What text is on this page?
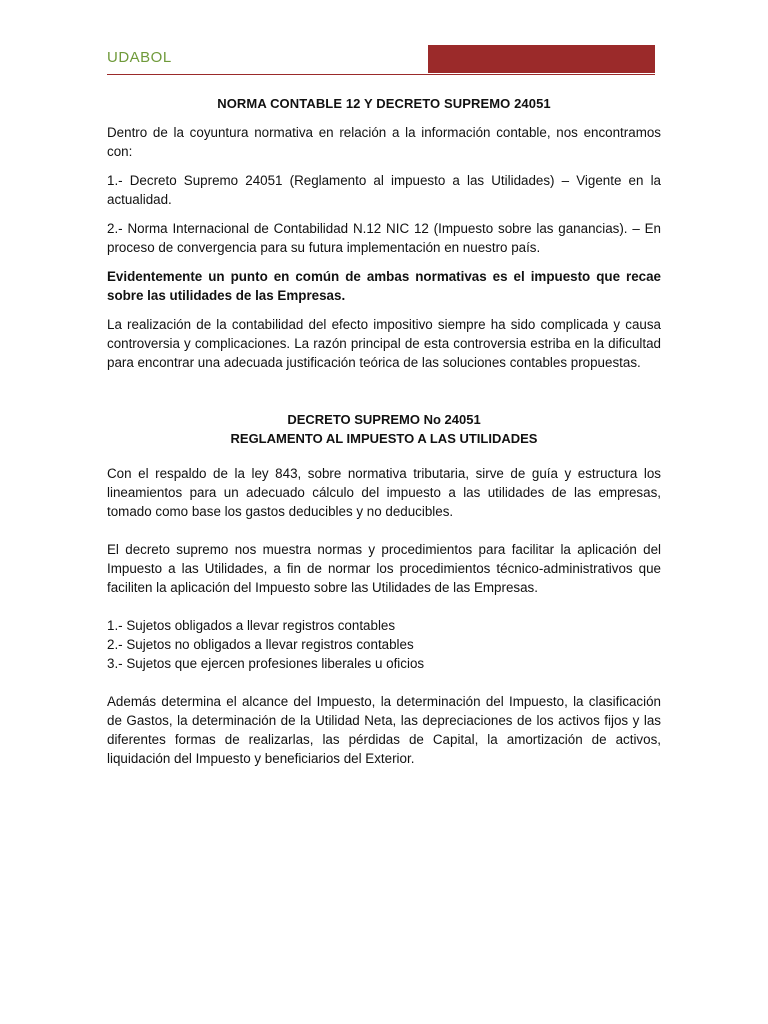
UDABOL
NORMA CONTABLE 12 Y DECRETO SUPREMO 24051

Dentro de la coyuntura normativa en relación a la información contable, nos encontramos con:

1.- Decreto Supremo 24051 (Reglamento al impuesto a las Utilidades) – Vigente en la actualidad.

2.- Norma Internacional de Contabilidad N.12 NIC 12 (Impuesto sobre las ganancias). – En proceso de convergencia para su futura implementación en nuestro país.

Evidentemente un punto en común de ambas normativas es el impuesto que recae sobre las utilidades de las Empresas.

La realización de la contabilidad del efecto impositivo siempre ha sido complicada y causa controversia y complicaciones. La razón principal de esta controversia estriba en la dificultad para encontrar una adecuada justificación teórica de las soluciones contables propuestas.

DECRETO SUPREMO No 24051
REGLAMENTO AL IMPUESTO A LAS UTILIDADES

Con el respaldo de la ley 843, sobre normativa tributaria, sirve de guía y estructura los lineamientos para un adecuado cálculo del impuesto a las utilidades de las empresas, tomado como base los gastos deducibles y no deducibles.

El decreto supremo nos muestra normas y procedimientos para facilitar la aplicación del Impuesto a las Utilidades, a fin de normar los procedimientos técnico-administrativos que faciliten la aplicación del Impuesto sobre las Utilidades de las Empresas.

1.- Sujetos obligados a llevar registros contables

2.- Sujetos no obligados a llevar registros contables

3.- Sujetos que ejercen profesiones liberales u oficios

Además determina el alcance del Impuesto, la determinación del Impuesto, la clasificación de Gastos, la determinación de la Utilidad Neta, las depreciaciones de los activos fijos y las diferentes formas de realizarlas, las pérdidas de Capital, la amortización de activos, liquidación del Impuesto y beneficiarios del Exterior.
